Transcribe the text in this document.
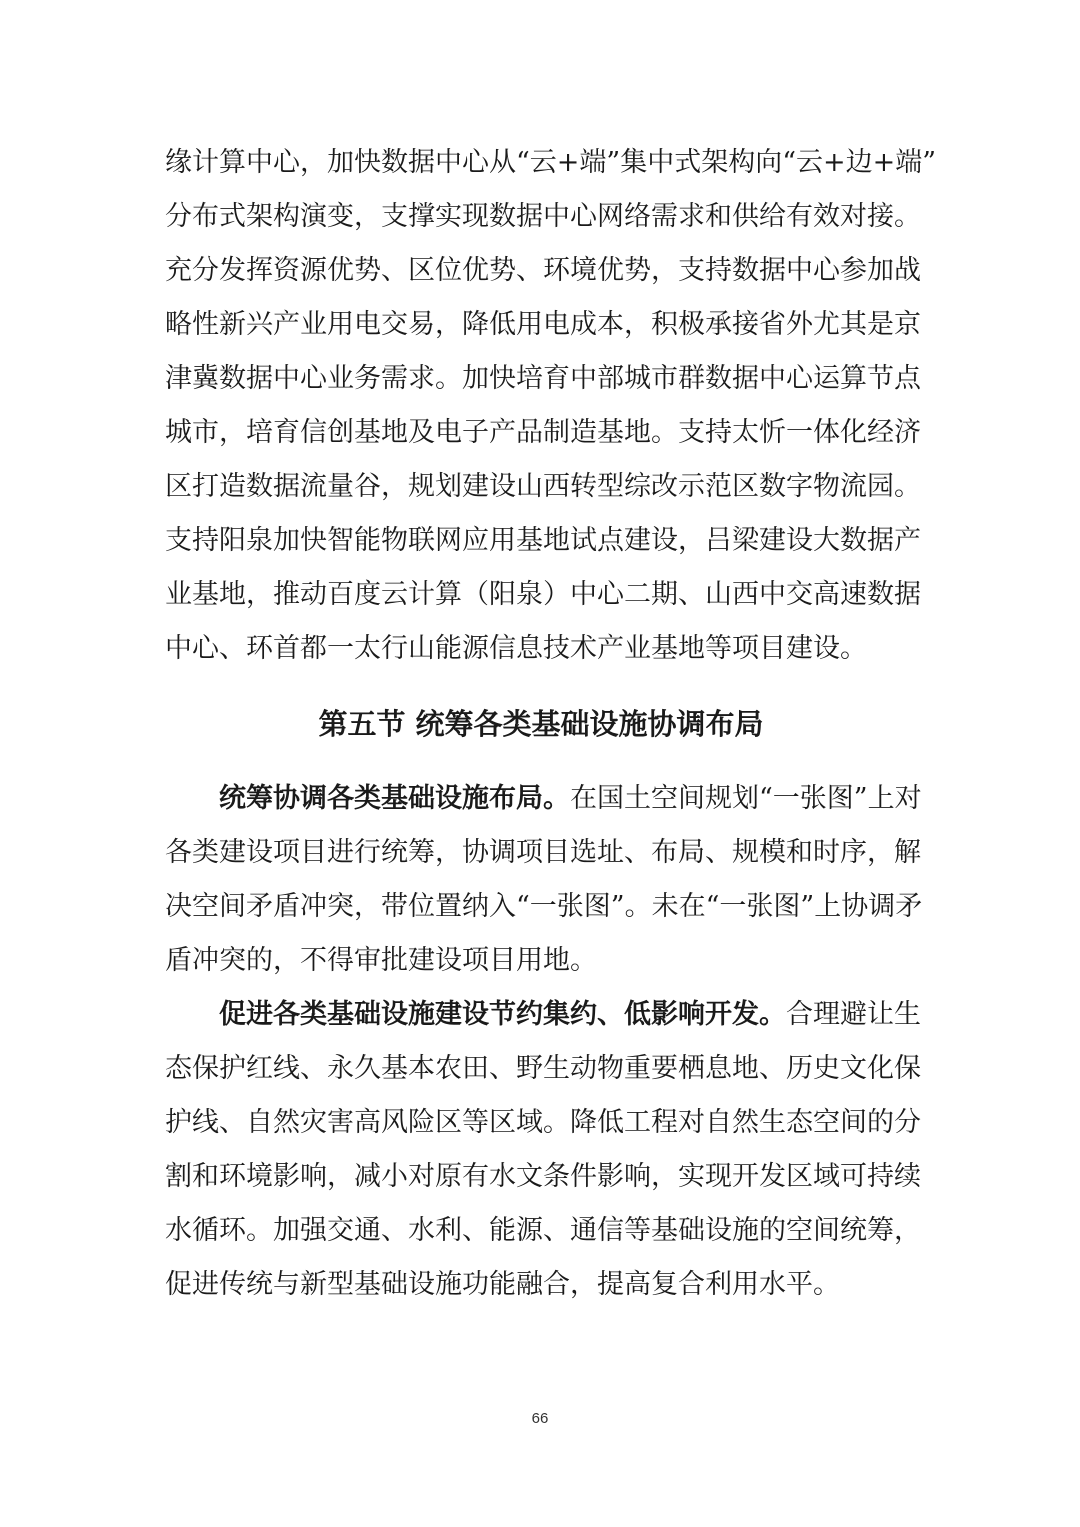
缘计算中心，加快数据中心从“云+端”集中式架构向“云+边+端”
分布式架构演变，支撑实现数据中心网络需求和供给有效对接。
充分发挥资源优势、区位优势、环境优势，支持数据中心参加战
略性新兴产业用电交易，降低用电成本，积极承接省外尤其是京
津冀数据中心业务需求。加快培育中部城市群数据中心运算节点
城市，培育信创基地及电子产品制造基地。支持太忻一体化经济
区打造数据流量谷，规划建设山西转型综改示范区数字物流园。
支持阳泉加快智能物联网应用基地试点建设，吕梁建设大数据产
业基地，推动百度云计算（阳泉）中心二期、山西中交高速数据
中心、环首都一太行山能源信息技术产业基地等项目建设。
第五节 统筹各类基础设施协调布局
统筹协调各类基础设施布局。在国土空间规划“一张图”上对
各类建设项目进行统筹，协调项目选址、布局、规模和时序，解
决空间矛盾冲突，带位置纳入“一张图”。未在“一张图”上协调矛
盾冲突的，不得审批建设项目用地。
促进各类基础设施建设节约集约、低影响开发。合理避让生
态保护红线、永久基本农田、野生动物重要栖息地、历史文化保
护线、自然灾害高风险区等区域。降低工程对自然生态空间的分
割和环境影响，减小对原有水文条件影响，实现开发区域可持续
水循环。加强交通、水利、能源、通信等基础设施的空间统筹，
促进传统与新型基础设施功能融合，提高复合利用水平。
66
